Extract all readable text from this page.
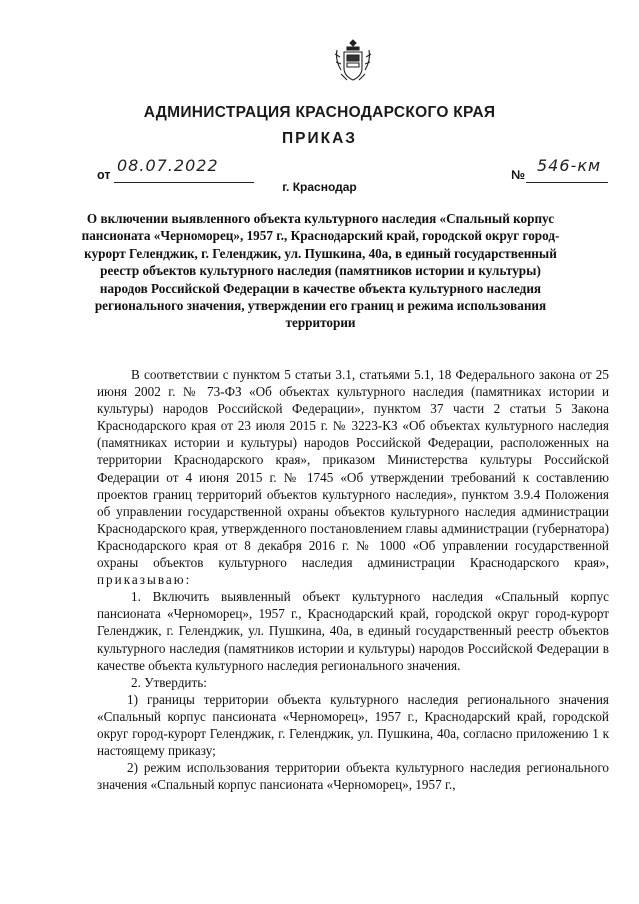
АДМИНИСТРАЦИЯ КРАСНОДАРСКОГО КРАЯ
ПРИКАЗ
от 08.07.2022	№ 546-км
г. Краснодар
О включении выявленного объекта культурного наследия «Спальный корпус пансионата «Черноморец», 1957 г., Краснодарский край, городской округ город-курорт Геленджик, г. Геленджик, ул. Пушкина, 40а, в единый государственный реестр объектов культурного наследия (памятников истории и культуры) народов Российской Федерации в качестве объекта культурного наследия регионального значения, утверждении его границ и режима использования территории

В соответствии с пунктом 5 статьи 3.1, статьями 5.1, 18 Федерального закона от 25 июня 2002 г. № 73-ФЗ «Об объектах культурного наследия (памятниках истории и культуры) народов Российской Федерации», пунктом 37 части 2 статьи 5 Закона Краснодарского края от 23 июля 2015 г. № 3223-КЗ «Об объектах культурного наследия (памятниках истории и культуры) народов Российской Федерации, расположенных на территории Краснодарского края», приказом Министерства культуры Российской Федерации от 4 июня 2015 г. № 1745 «Об утверждении требований к составлению проектов границ территорий объектов культурного наследия», пунктом 3.9.4 Положения об управлении государственной охраны объектов культурного наследия администрации Краснодарского края, утвержденного постановлением главы администрации (губернатора) Краснодарского края от 8 декабря 2016 г. № 1000 «Об управлении государственной охраны объектов культурного наследия администрации Краснодарского края», приказываю:

1. Включить выявленный объект культурного наследия «Спальный корпус пансионата «Черноморец», 1957 г., Краснодарский край, городской округ город-курорт Геленджик, г. Геленджик, ул. Пушкина, 40а, в единый государственный реестр объектов культурного наследия (памятников истории и культуры) народов Российской Федерации в качестве объекта культурного наследия регионального значения.

2. Утвердить:

1) границы территории объекта культурного наследия регионального значения «Спальный корпус пансионата «Черноморец», 1957 г., Краснодарский край, городской округ город-курорт Геленджик, г. Геленджик, ул. Пушкина, 40а, согласно приложению 1 к настоящему приказу;

2) режим использования территории объекта культурного наследия регионального значения «Спальный корпус пансионата «Черноморец», 1957 г.,
